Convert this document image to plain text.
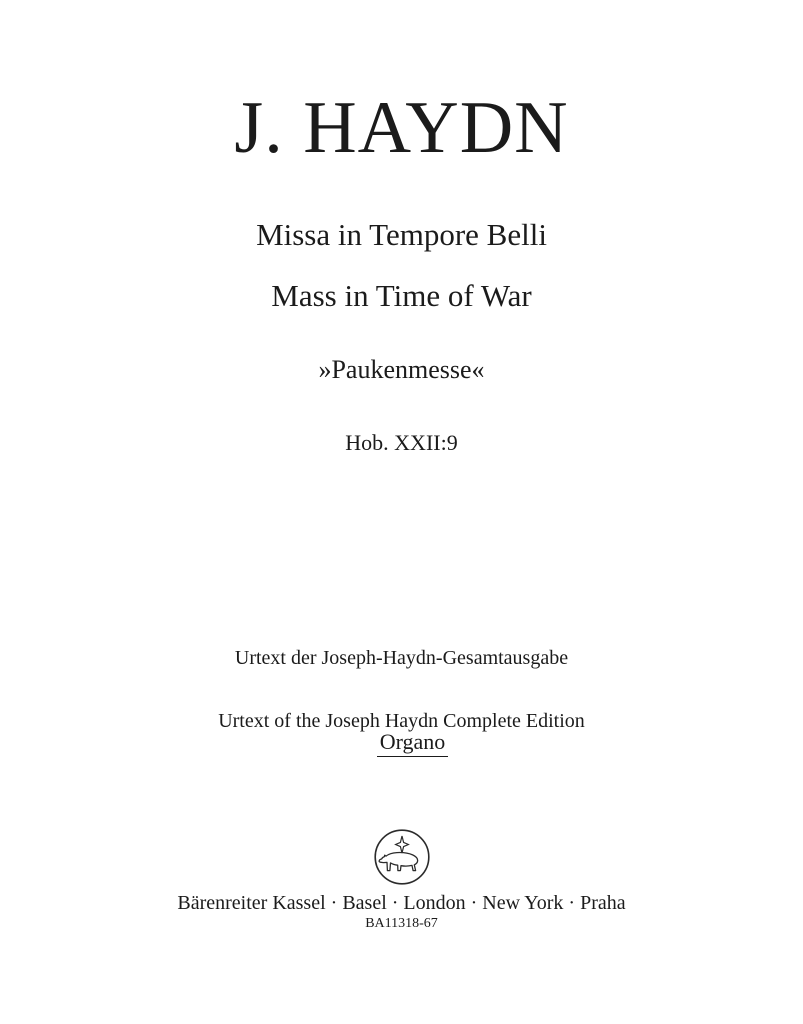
J. HAYDN
Missa in Tempore Belli
Mass in Time of War
»Paukenmesse«
Hob. XXII:9

Urtext der Joseph-Haydn-Gesamtausgabe

Urtext of the Joseph Haydn Complete Edition

Organo

Bärenreiter Kassel · Basel · London · New York · Praha
BA11318-67
